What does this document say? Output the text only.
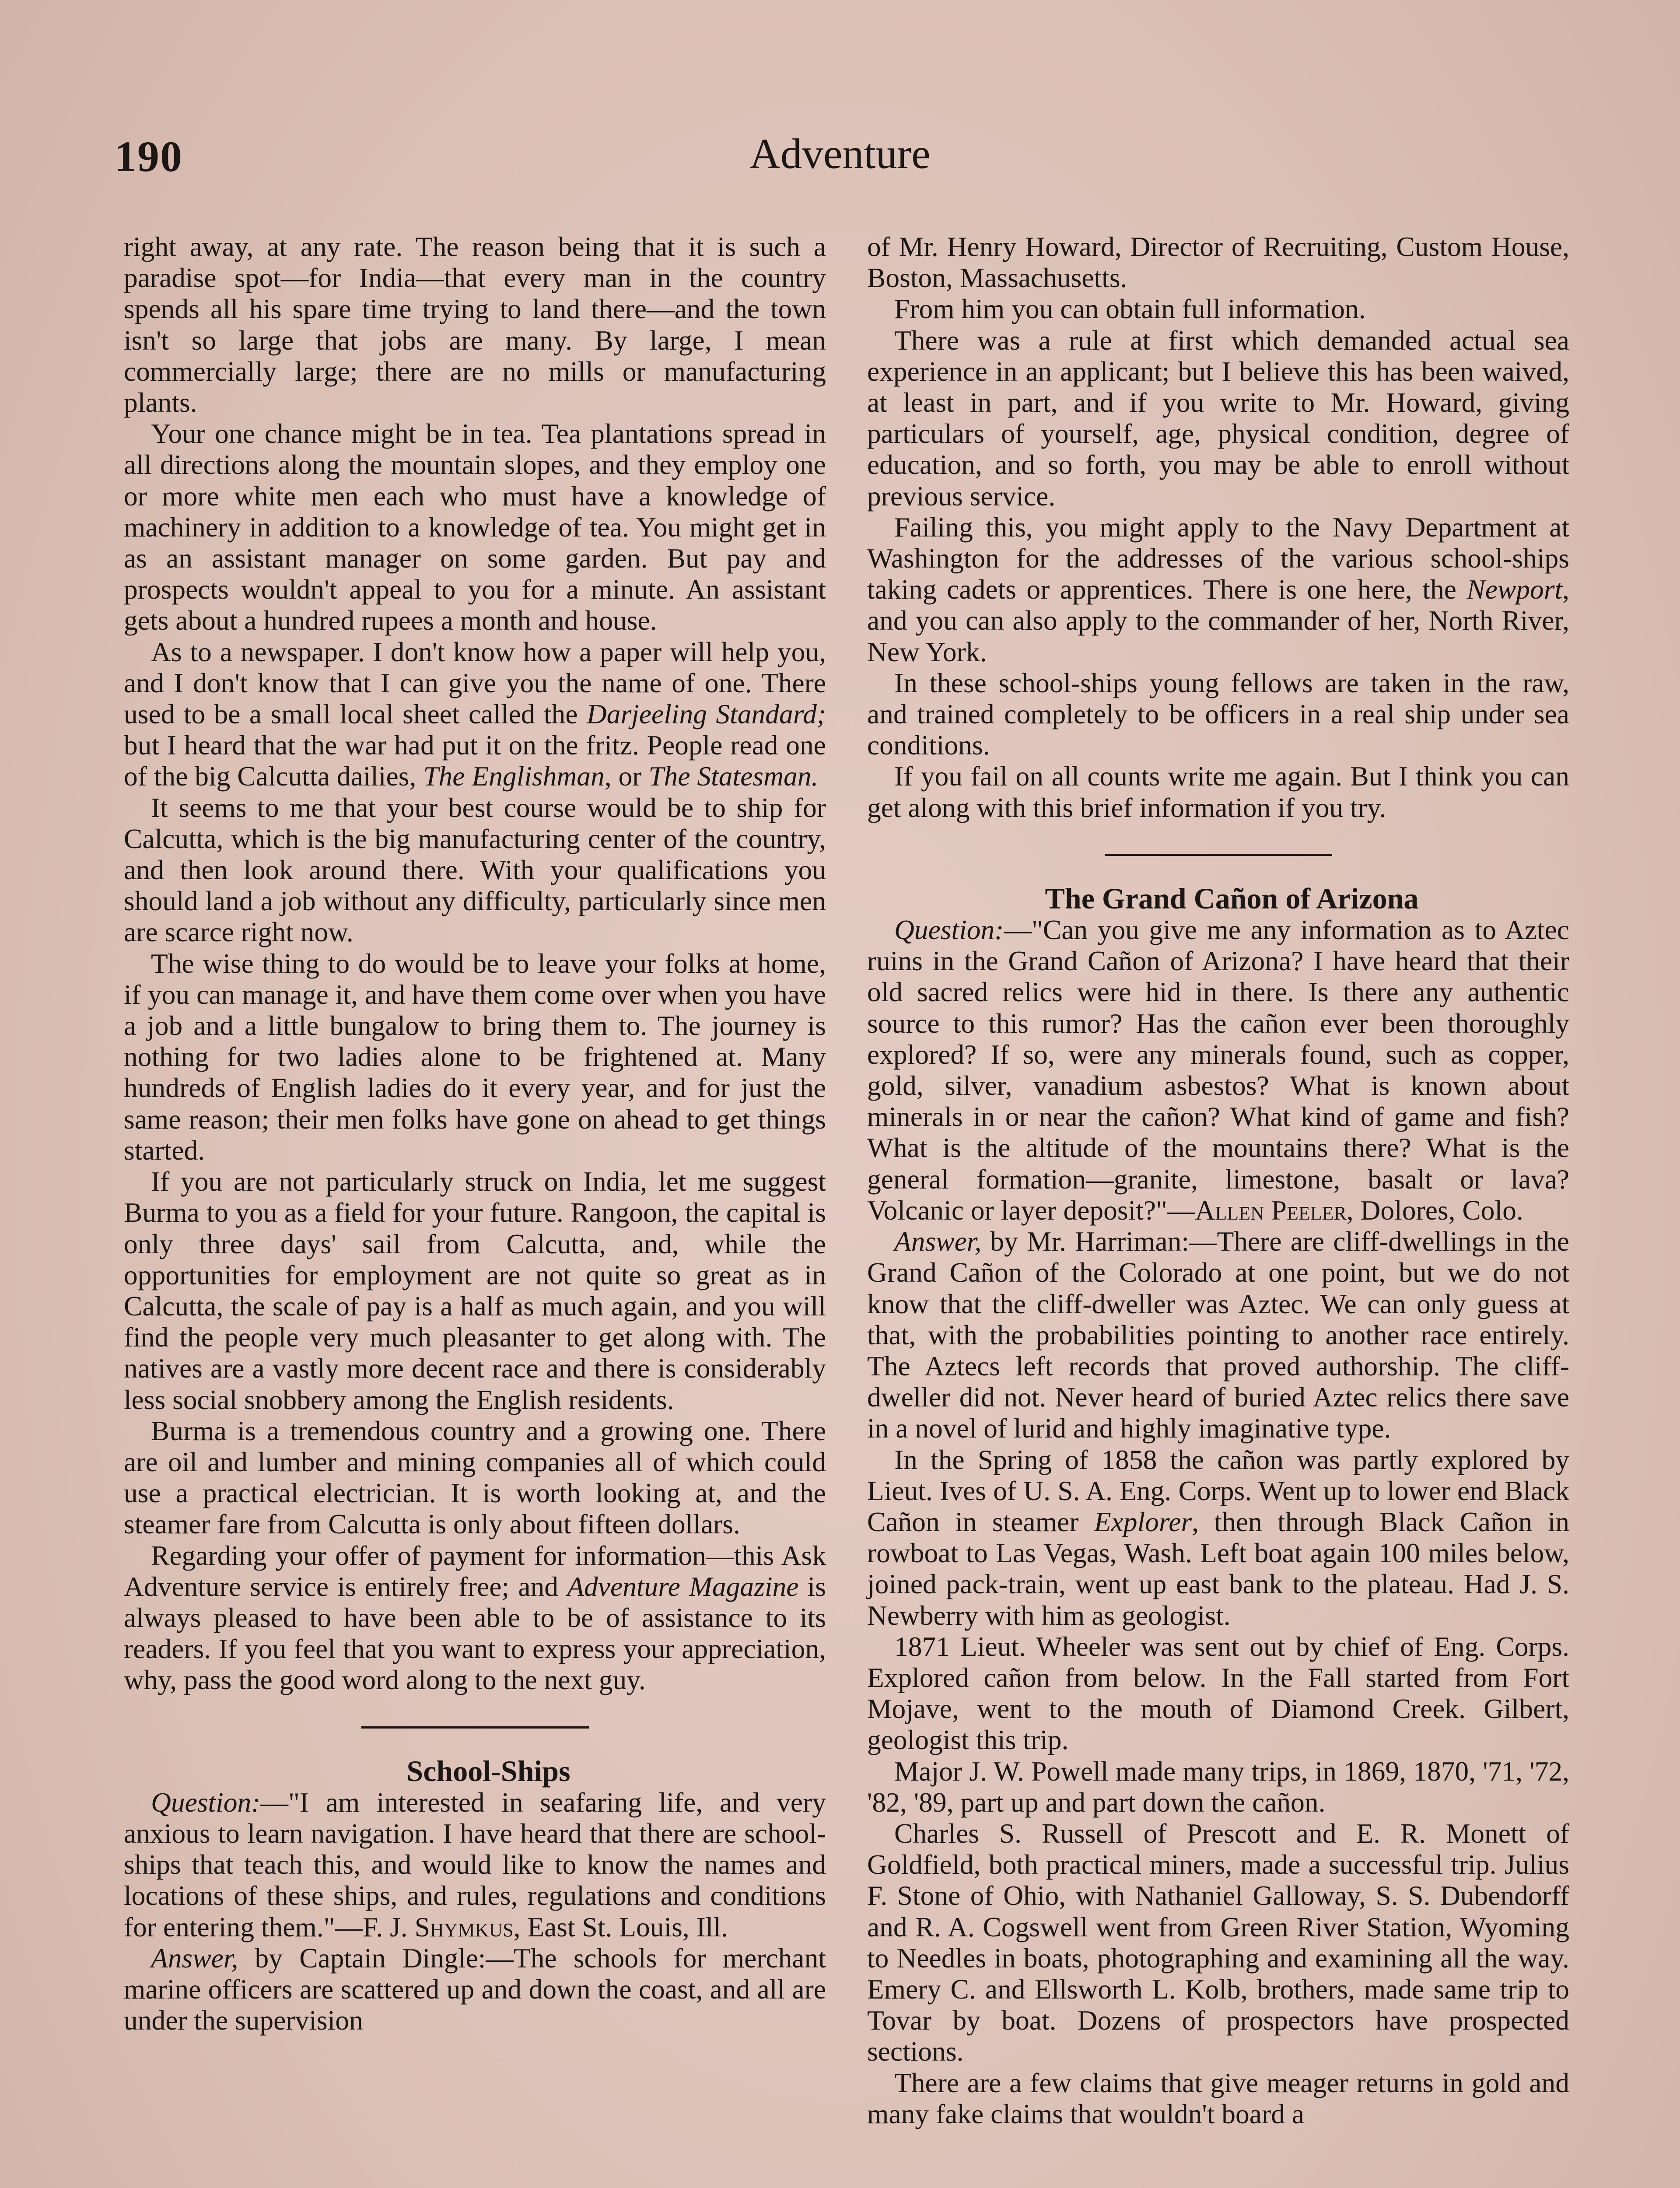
190	Adventure

right away, at any rate. The reason being that it is such a paradise spot—for India—that every man in the country spends all his spare time trying to land there—and the town isn't so large that jobs are many. By large, I mean commercially large; there are no mills or manufacturing plants.

Your one chance might be in tea. Tea plantations spread in all directions along the mountain slopes, and they employ one or more white men each who must have a knowledge of machinery in addition to a knowledge of tea. You might get in as an assistant manager on some garden. But pay and prospects wouldn't appeal to you for a minute. An assistant gets about a hundred rupees a month and house.

As to a newspaper. I don't know how a paper will help you, and I don't know that I can give you the name of one. There used to be a small local sheet called the Darjeeling Standard; but I heard that the war had put it on the fritz. People read one of the big Calcutta dailies, The Englishman, or The Statesman.

It seems to me that your best course would be to ship for Calcutta, which is the big manufacturing center of the country, and then look around there. With your qualifications you should land a job without any difficulty, particularly since men are scarce right now.

The wise thing to do would be to leave your folks at home, if you can manage it, and have them come over when you have a job and a little bungalow to bring them to. The journey is nothing for two ladies alone to be frightened at. Many hundreds of English ladies do it every year, and for just the same reason; their men folks have gone on ahead to get things started.

If you are not particularly struck on India, let me suggest Burma to you as a field for your future. Rangoon, the capital is only three days' sail from Calcutta, and, while the opportunities for employment are not quite so great as in Calcutta, the scale of pay is a half as much again, and you will find the people very much pleasanter to get along with. The natives are a vastly more decent race and there is considerably less social snobbery among the English residents.

Burma is a tremendous country and a growing one. There are oil and lumber and mining companies all of which could use a practical electrician. It is worth looking at, and the steamer fare from Calcutta is only about fifteen dollars.

Regarding your offer of payment for information—this Ask Adventure service is entirely free; and Adventure Magazine is always pleased to have been able to be of assistance to its readers. If you feel that you want to express your appreciation, why, pass the good word along to the next guy.

School-Ships

Question:—"I am interested in seafaring life, and very anxious to learn navigation. I have heard that there are school-ships that teach this, and would like to know the names and locations of these ships, and rules, regulations and conditions for entering them."—F. J. Shymkus, East St. Louis, Ill.

Answer, by Captain Dingle:—The schools for merchant marine officers are scattered up and down the coast, and all are under the supervision

of Mr. Henry Howard, Director of Recruiting, Custom House, Boston, Massachusetts.

From him you can obtain full information.

There was a rule at first which demanded actual sea experience in an applicant; but I believe this has been waived, at least in part, and if you write to Mr. Howard, giving particulars of yourself, age, physical condition, degree of education, and so forth, you may be able to enroll without previous service.

Failing this, you might apply to the Navy Department at Washington for the addresses of the various school-ships taking cadets or apprentices. There is one here, the Newport, and you can also apply to the commander of her, North River, New York.

In these school-ships young fellows are taken in the raw, and trained completely to be officers in a real ship under sea conditions.

If you fail on all counts write me again. But I think you can get along with this brief information if you try.

The Grand Cañon of Arizona

Question:—"Can you give me any information as to Aztec ruins in the Grand Cañon of Arizona? I have heard that their old sacred relics were hid in there. Is there any authentic source to this rumor? Has the cañon ever been thoroughly explored? If so, were any minerals found, such as copper, gold, silver, vanadium asbestos? What is known about minerals in or near the cañon? What kind of game and fish? What is the altitude of the mountains there? What is the general formation—granite, limestone, basalt or lava? Volcanic or layer deposit?"—Allen Peeler, Dolores, Colo.

Answer, by Mr. Harriman:—There are cliff-dwellings in the Grand Cañon of the Colorado at one point, but we do not know that the cliff-dweller was Aztec. We can only guess at that, with the probabilities pointing to another race entirely. The Aztecs left records that proved authorship. The cliff-dweller did not. Never heard of buried Aztec relics there save in a novel of lurid and highly imaginative type.

In the Spring of 1858 the cañon was partly explored by Lieut. Ives of U. S. A. Eng. Corps. Went up to lower end Black Cañon in steamer Explorer, then through Black Cañon in rowboat to Las Vegas, Wash. Left boat again 100 miles below, joined pack-train, went up east bank to the plateau. Had J. S. Newberry with him as geologist.

1871 Lieut. Wheeler was sent out by chief of Eng. Corps. Explored cañon from below. In the Fall started from Fort Mojave, went to the mouth of Diamond Creek. Gilbert, geologist this trip.

Major J. W. Powell made many trips, in 1869, 1870, '71, '72, '82, '89, part up and part down the cañon.

Charles S. Russell of Prescott and E. R. Monett of Goldfield, both practical miners, made a successful trip. Julius F. Stone of Ohio, with Nathaniel Galloway, S. S. Dubendorff and R. A. Cogswell went from Green River Station, Wyoming to Needles in boats, photographing and examining all the way. Emery C. and Ellsworth L. Kolb, brothers, made same trip to Tovar by boat. Dozens of prospectors have prospected sections.

There are a few claims that give meager returns in gold and many fake claims that wouldn't board a
